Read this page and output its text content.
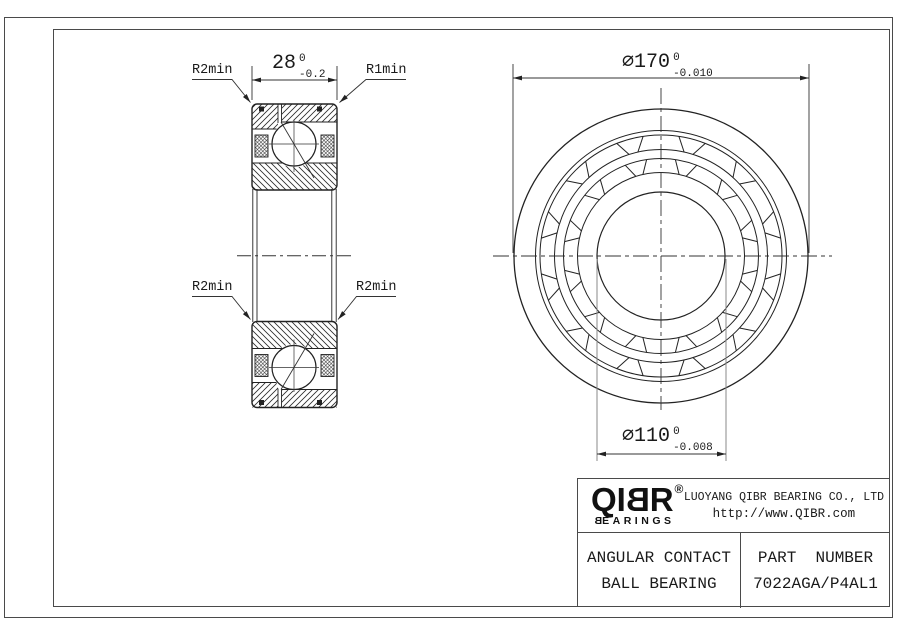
R2min	R1min
R2min	R2min
28 0
-0.2
∅ 170 0
-0.010
∅ 110 0
-0.008
QIBR ®
BEARINGS
LUOYANG QIBR BEARING CO., LTD
http://www.QIBR.com
ANGULAR CONTACT
BALL BEARING
PART  NUMBER
7022AGA/P4AL1
